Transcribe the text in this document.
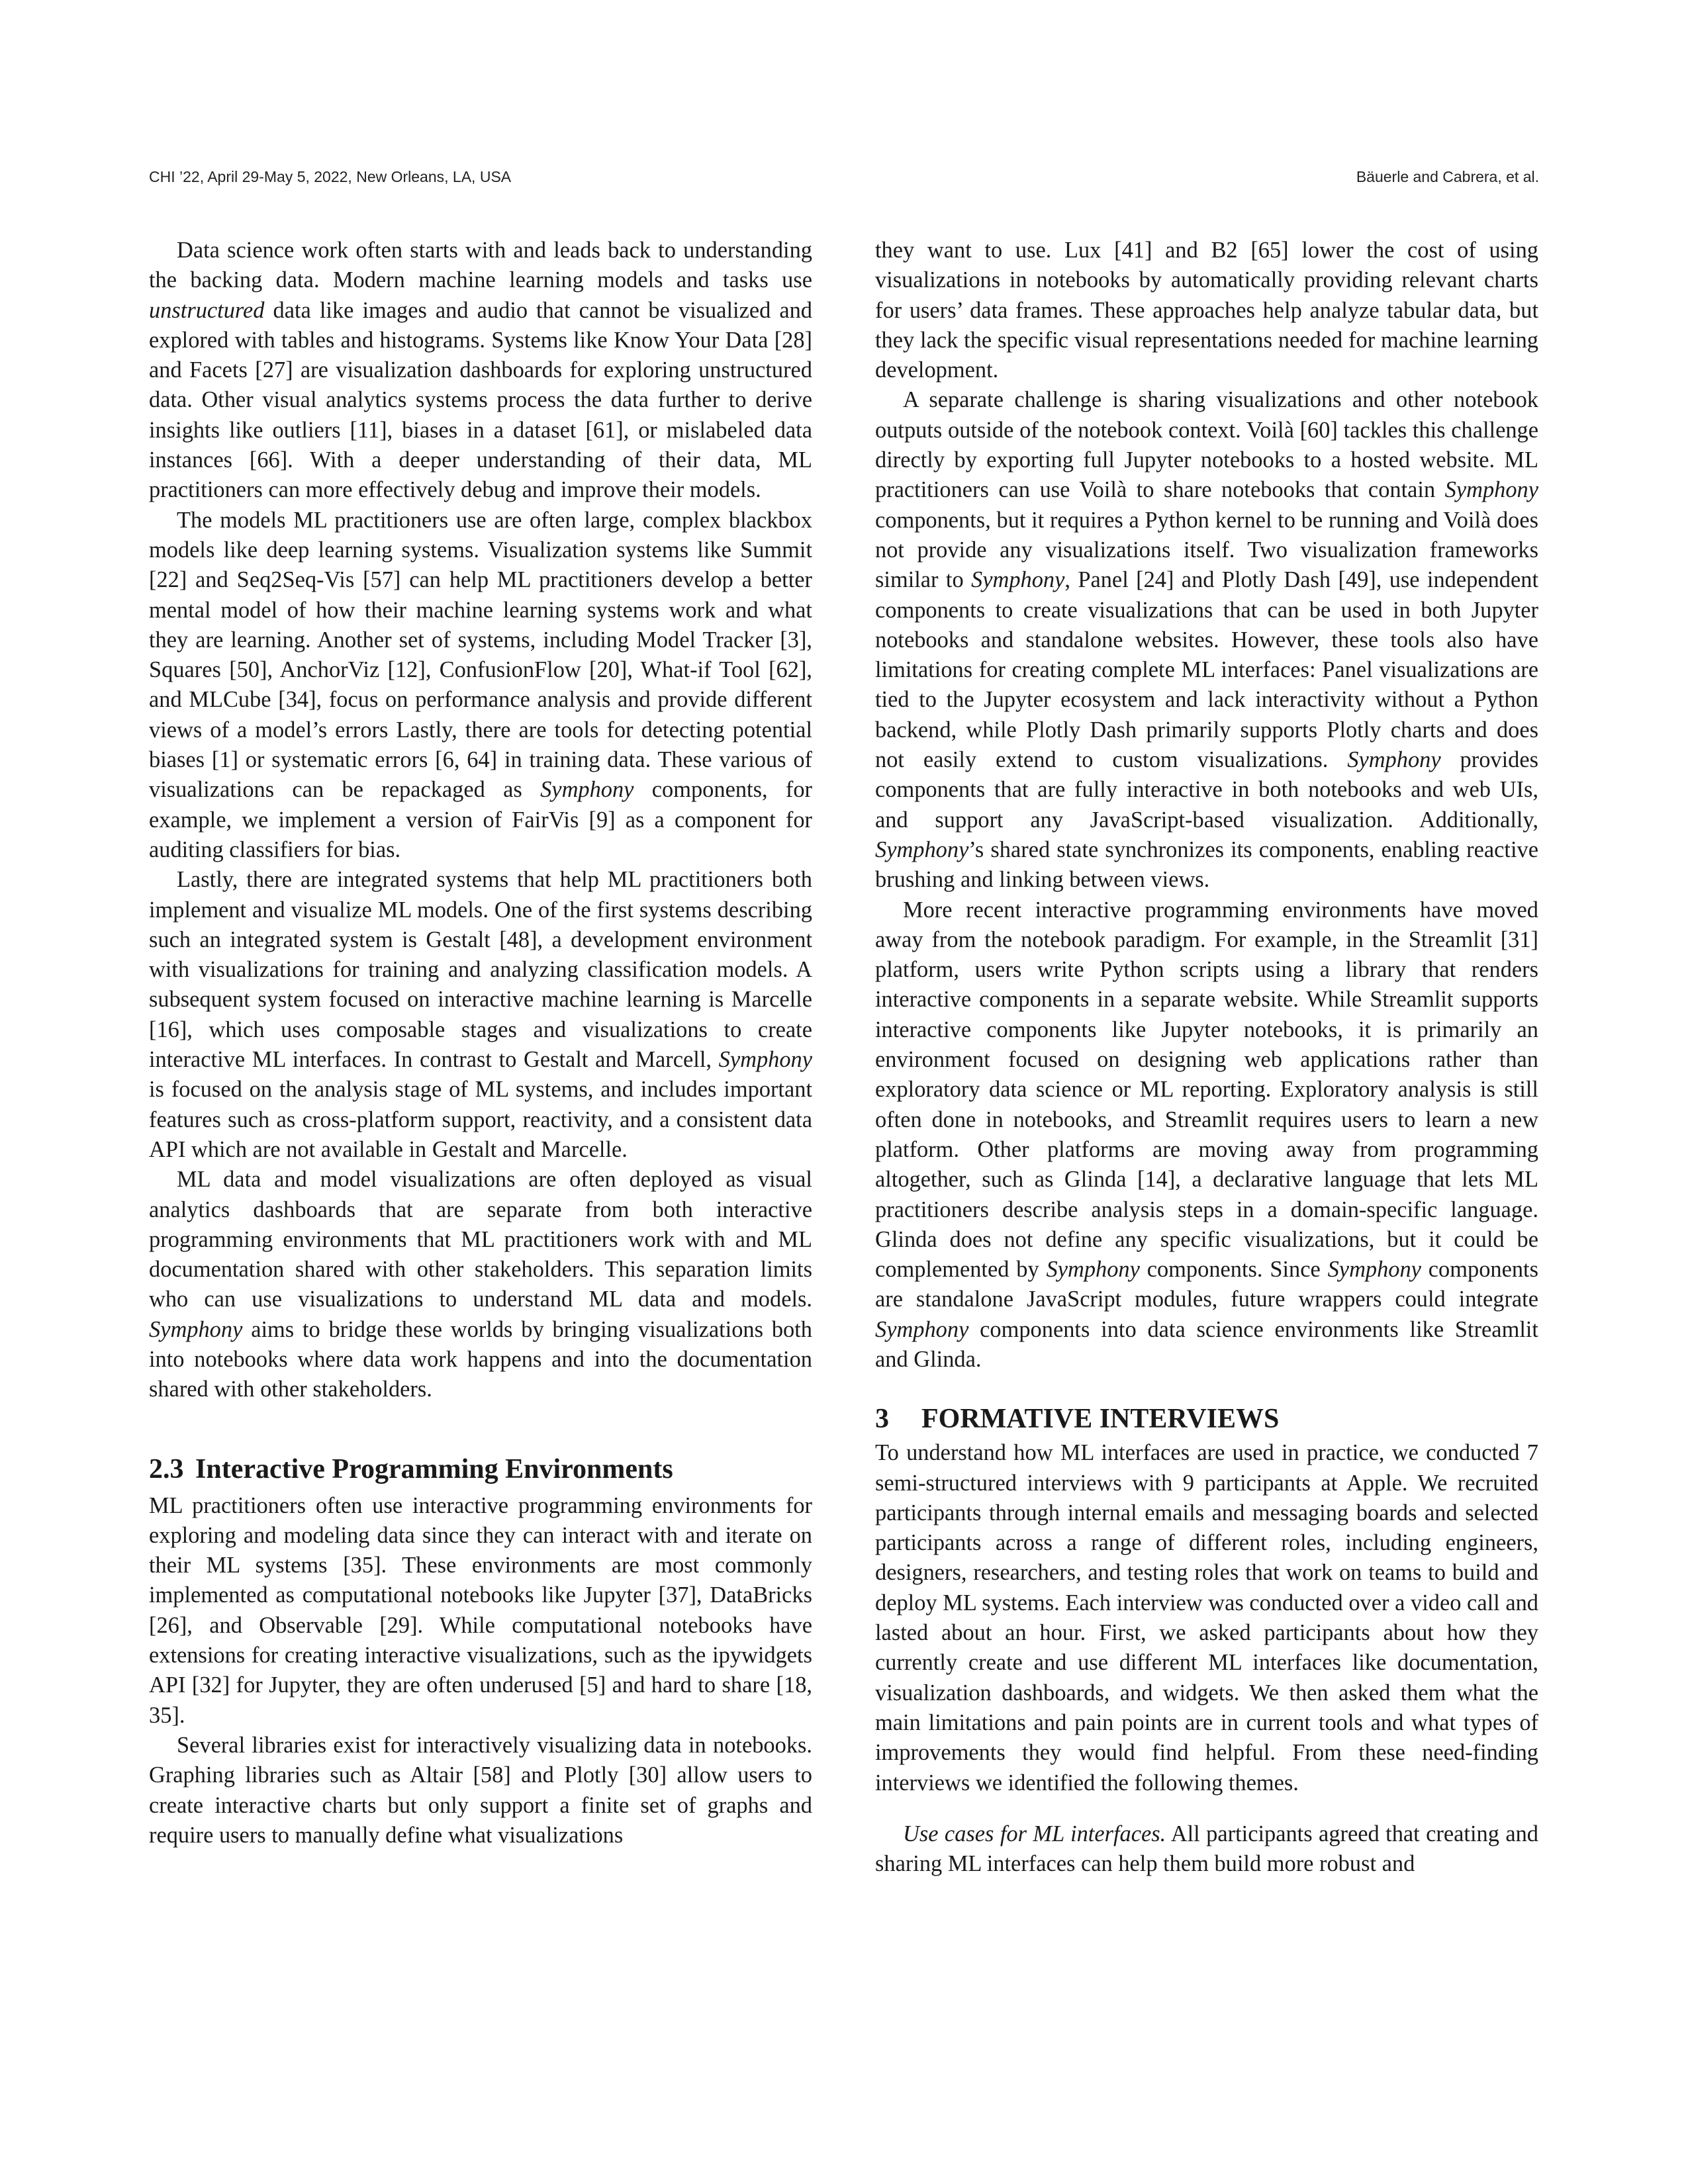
CHI ’22, April 29-May 5, 2022, New Orleans, LA, USA	Bäuerle and Cabrera, et al.

Data science work often starts with and leads back to understanding the backing data. Modern machine learning models and tasks use unstructured data like images and audio that cannot be visualized and explored with tables and histograms. Systems like Know Your Data [28] and Facets [27] are visualization dashboards for exploring unstructured data. Other visual analytics systems process the data further to derive insights like outliers [11], biases in a dataset [61], or mislabeled data instances [66]. With a deeper understanding of their data, ML practitioners can more effectively debug and improve their models.

The models ML practitioners use are often large, complex blackbox models like deep learning systems. Visualization systems like Summit [22] and Seq2Seq-Vis [57] can help ML practitioners develop a better mental model of how their machine learning systems work and what they are learning. Another set of systems, including Model Tracker [3], Squares [50], AnchorViz [12], ConfusionFlow [20], What-if Tool [62], and MLCube [34], focus on performance analysis and provide different views of a model’s errors Lastly, there are tools for detecting potential biases [1] or systematic errors [6, 64] in training data. These various of visualizations can be repackaged as Symphony components, for example, we implement a version of FairVis [9] as a component for auditing classifiers for bias.

Lastly, there are integrated systems that help ML practitioners both implement and visualize ML models. One of the first systems describing such an integrated system is Gestalt [48], a development environment with visualizations for training and analyzing classification models. A subsequent system focused on interactive machine learning is Marcelle [16], which uses composable stages and visualizations to create interactive ML interfaces. In contrast to Gestalt and Marcell, Symphony is focused on the analysis stage of ML systems, and includes important features such as cross-platform support, reactivity, and a consistent data API which are not available in Gestalt and Marcelle.

ML data and model visualizations are often deployed as visual analytics dashboards that are separate from both interactive programming environments that ML practitioners work with and ML documentation shared with other stakeholders. This separation limits who can use visualizations to understand ML data and models. Symphony aims to bridge these worlds by bringing visualizations both into notebooks where data work happens and into the documentation shared with other stakeholders.

2.3 Interactive Programming Environments

ML practitioners often use interactive programming environments for exploring and modeling data since they can interact with and iterate on their ML systems [35]. These environments are most commonly implemented as computational notebooks like Jupyter [37], DataBricks [26], and Observable [29]. While computational notebooks have extensions for creating interactive visualizations, such as the ipywidgets API [32] for Jupyter, they are often underused [5] and hard to share [18, 35].

Several libraries exist for interactively visualizing data in notebooks. Graphing libraries such as Altair [58] and Plotly [30] allow users to create interactive charts but only support a finite set of graphs and require users to manually define what visualizations

they want to use. Lux [41] and B2 [65] lower the cost of using visualizations in notebooks by automatically providing relevant charts for users’ data frames. These approaches help analyze tabular data, but they lack the specific visual representations needed for machine learning development.

A separate challenge is sharing visualizations and other notebook outputs outside of the notebook context. Voilà [60] tackles this challenge directly by exporting full Jupyter notebooks to a hosted website. ML practitioners can use Voilà to share notebooks that contain Symphony components, but it requires a Python kernel to be running and Voilà does not provide any visualizations itself. Two visualization frameworks similar to Symphony, Panel [24] and Plotly Dash [49], use independent components to create visualizations that can be used in both Jupyter notebooks and standalone websites. However, these tools also have limitations for creating complete ML interfaces: Panel visualizations are tied to the Jupyter ecosystem and lack interactivity without a Python backend, while Plotly Dash primarily supports Plotly charts and does not easily extend to custom visualizations. Symphony provides components that are fully interactive in both notebooks and web UIs, and support any JavaScript-based visualization. Additionally, Symphony’s shared state synchronizes its components, enabling reactive brushing and linking between views.

More recent interactive programming environments have moved away from the notebook paradigm. For example, in the Streamlit [31] platform, users write Python scripts using a library that renders interactive components in a separate website. While Streamlit supports interactive components like Jupyter notebooks, it is primarily an environment focused on designing web applications rather than exploratory data science or ML reporting. Exploratory analysis is still often done in notebooks, and Streamlit requires users to learn a new platform. Other platforms are moving away from programming altogether, such as Glinda [14], a declarative language that lets ML practitioners describe analysis steps in a domain-specific language. Glinda does not define any specific visualizations, but it could be complemented by Symphony components. Since Symphony components are standalone JavaScript modules, future wrappers could integrate Symphony components into data science environments like Streamlit and Glinda.

3	FORMATIVE INTERVIEWS

To understand how ML interfaces are used in practice, we conducted 7 semi-structured interviews with 9 participants at Apple. We recruited participants through internal emails and messaging boards and selected participants across a range of different roles, including engineers, designers, researchers, and testing roles that work on teams to build and deploy ML systems. Each interview was conducted over a video call and lasted about an hour. First, we asked participants about how they currently create and use different ML interfaces like documentation, visualization dashboards, and widgets. We then asked them what the main limitations and pain points are in current tools and what types of improvements they would find helpful. From these need-finding interviews we identified the following themes.

Use cases for ML interfaces. All participants agreed that creating and sharing ML interfaces can help them build more robust and
